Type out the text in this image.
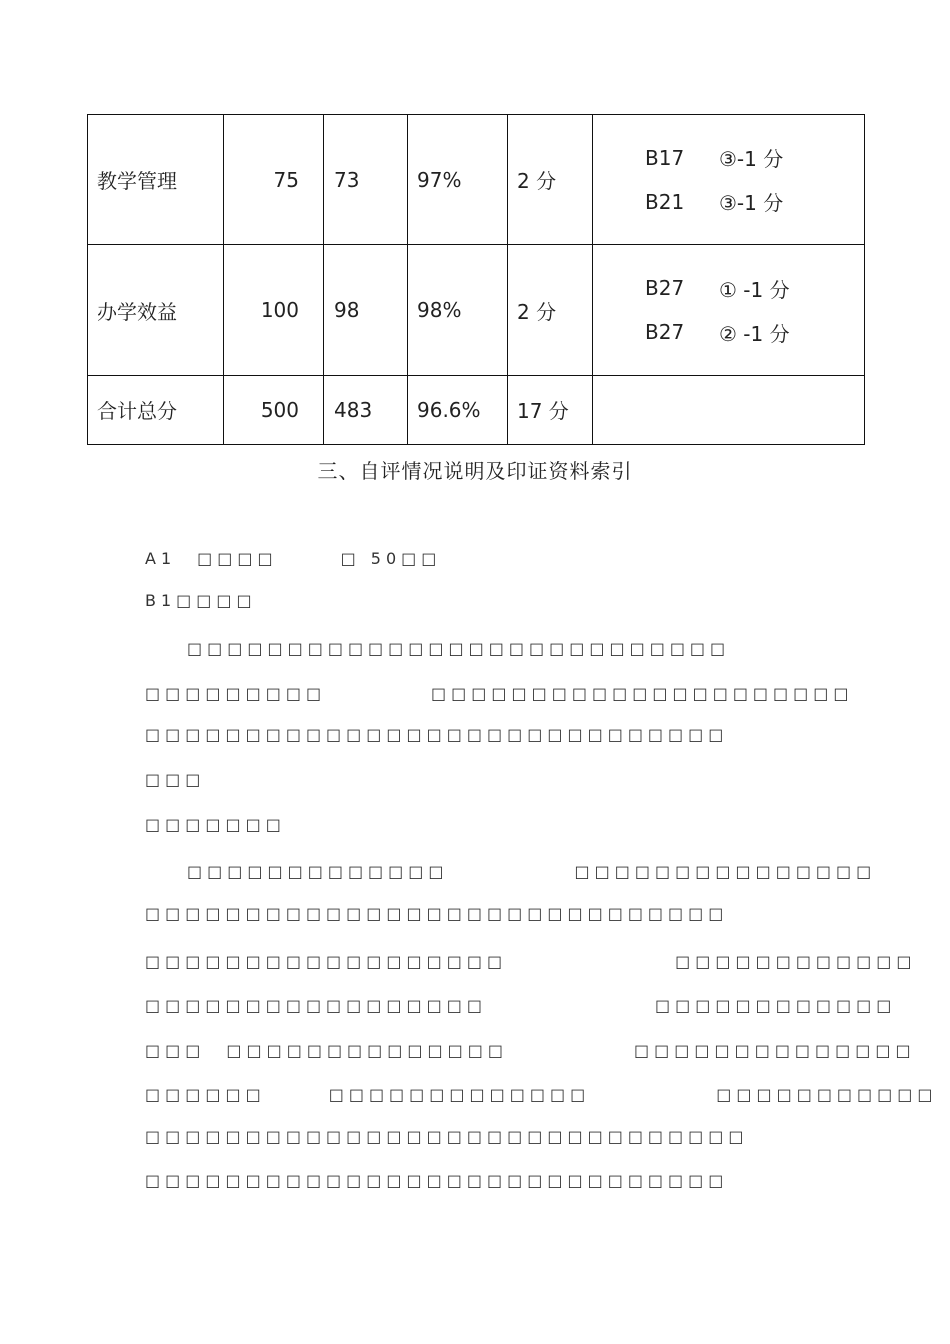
教学管理	75	73	97%	2 分	B17 ③-1 分
B21 ③-1 分

办学效益	100	98	98%	2 分	B27 ① -1 分
B27 ② -1 分

合计总分	500	483	96.6%	17 分	
三、自评情况说明及印证资料索引
A1　□□□□　　　□ 50□□
B1□□□□
　　□□□□□□□□□□□□□□□□□□□□□□□□□□□
□□□□□□□□□　　　　　□□□□□□□□□□□□□□□□□□□□□
□□□□□□□□□□□□□□□□□□□□□□□□□□□□□
□□□
□□□□□□□
　　□□□□□□□□□□□□□　　　　　　□□□□□□□□□□□□□□□
□□□□□□□□□□□□□□□□□□□□□□□□□□□□□
□□□□□□□□□□□□□□□□□□　　　　　　　　□□□□□□□□□□□□
□□□□□□□□□□□□□□□□□　　　　　　　　□□□□□□□□□□□□
□□□　□□□□□□□□□□□□□□　　　　　　□□□□□□□□□□□□□□
□□□□□□　　　□□□□□□□□□□□□□　　　　　　□□□□□□□□□□□
□□□□□□□□□□□□□□□□□□□□□□□□□□□□□□
□□□□□□□□□□□□□□□□□□□□□□□□□□□□□
